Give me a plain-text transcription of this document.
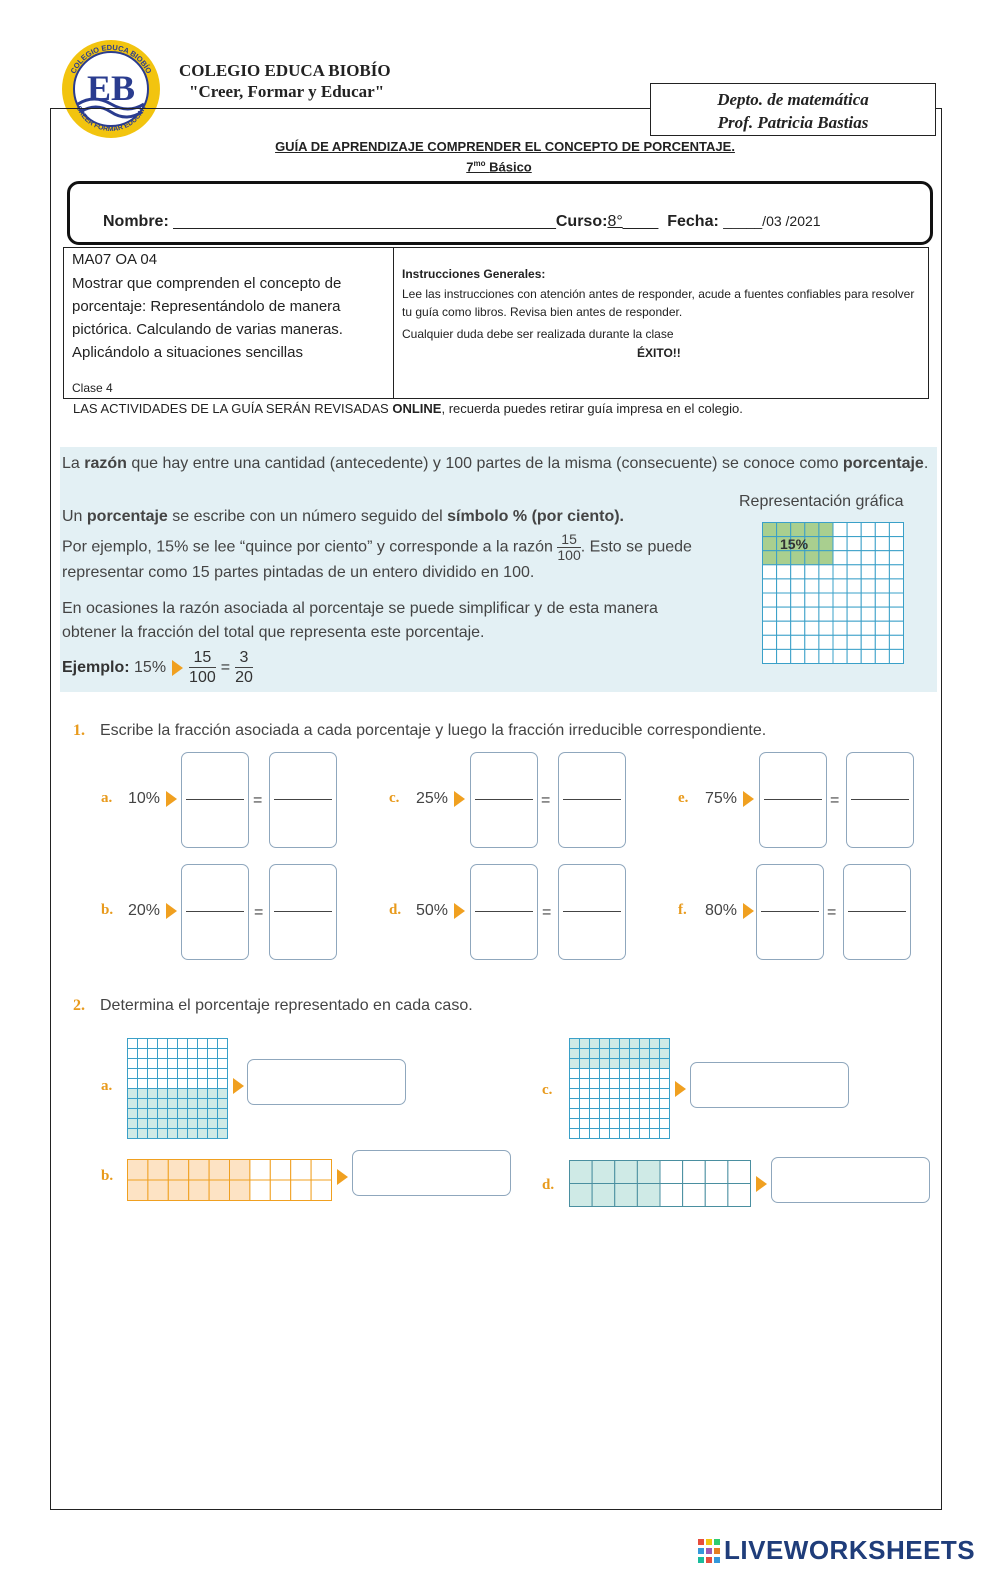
EB
COLEGIO EDUCA BIOBÍO
CREER FORMAR EDUCAR
COLEGIO EDUCA BIOBÍO
"Creer, Formar y Educar"	Depto. de matemática
Prof. Patricia Bastias
GUÍA DE APRENDIZAJE COMPRENDER EL CONCEPTO DE PORCENTAJE.
$7^{mo}$ Básico
Nombre: ___________________________________________Curso:8°____ Fecha: _____/03 /2021
MA07 OA 04
Mostrar que comprenden el concepto de porcentaje: Representándolo de manera pictórica. Calculando de varias maneras. Aplicándolo a situaciones sencillas
Clase 4
Instrucciones Generales:
Lee las instrucciones con atención antes de responder, acude a fuentes confiables para resolver tu guía como libros. Revisa bien antes de responder.
Cualquier duda debe ser realizada durante la clase
ÉXITO!!
LAS ACTIVIDADES DE LA GUÍA SERÁN REVISADAS ONLINE, recuerda puedes retirar guía impresa en el colegio.
La razón que hay entre una cantidad (antecedente) y 100 partes de la misma (consecuente) se conoce como porcentaje.
Un porcentaje se escribe con un número seguido del símbolo % (por ciento).
Por ejemplo, 15% se lee “quince por ciento” y corresponde a la razón $\frac{15}{100}$ . Esto se puede
representar como 15 partes pintadas de un entero dividido en 100.
En ocasiones la razón asociada al porcentaje se puede simplificar y de esta manera obtener la fracción del total que representa este porcentaje.
Ejemplo:
$15\% \frac{15}{100} = \frac{3}{20}$
Representación gráfica
15%
1. Escribe la fracción asociada a cada porcentaje y luego la fracción irreducible correspondiente.
a. 10%	=	c. 25%	=	e. 75%	=
b. 20%	=	d. 50%	=	f. 80%	=
2. Determina el porcentaje representado en cada caso.
a.	c.
b.
d.
LIVEWORKSHEETS
